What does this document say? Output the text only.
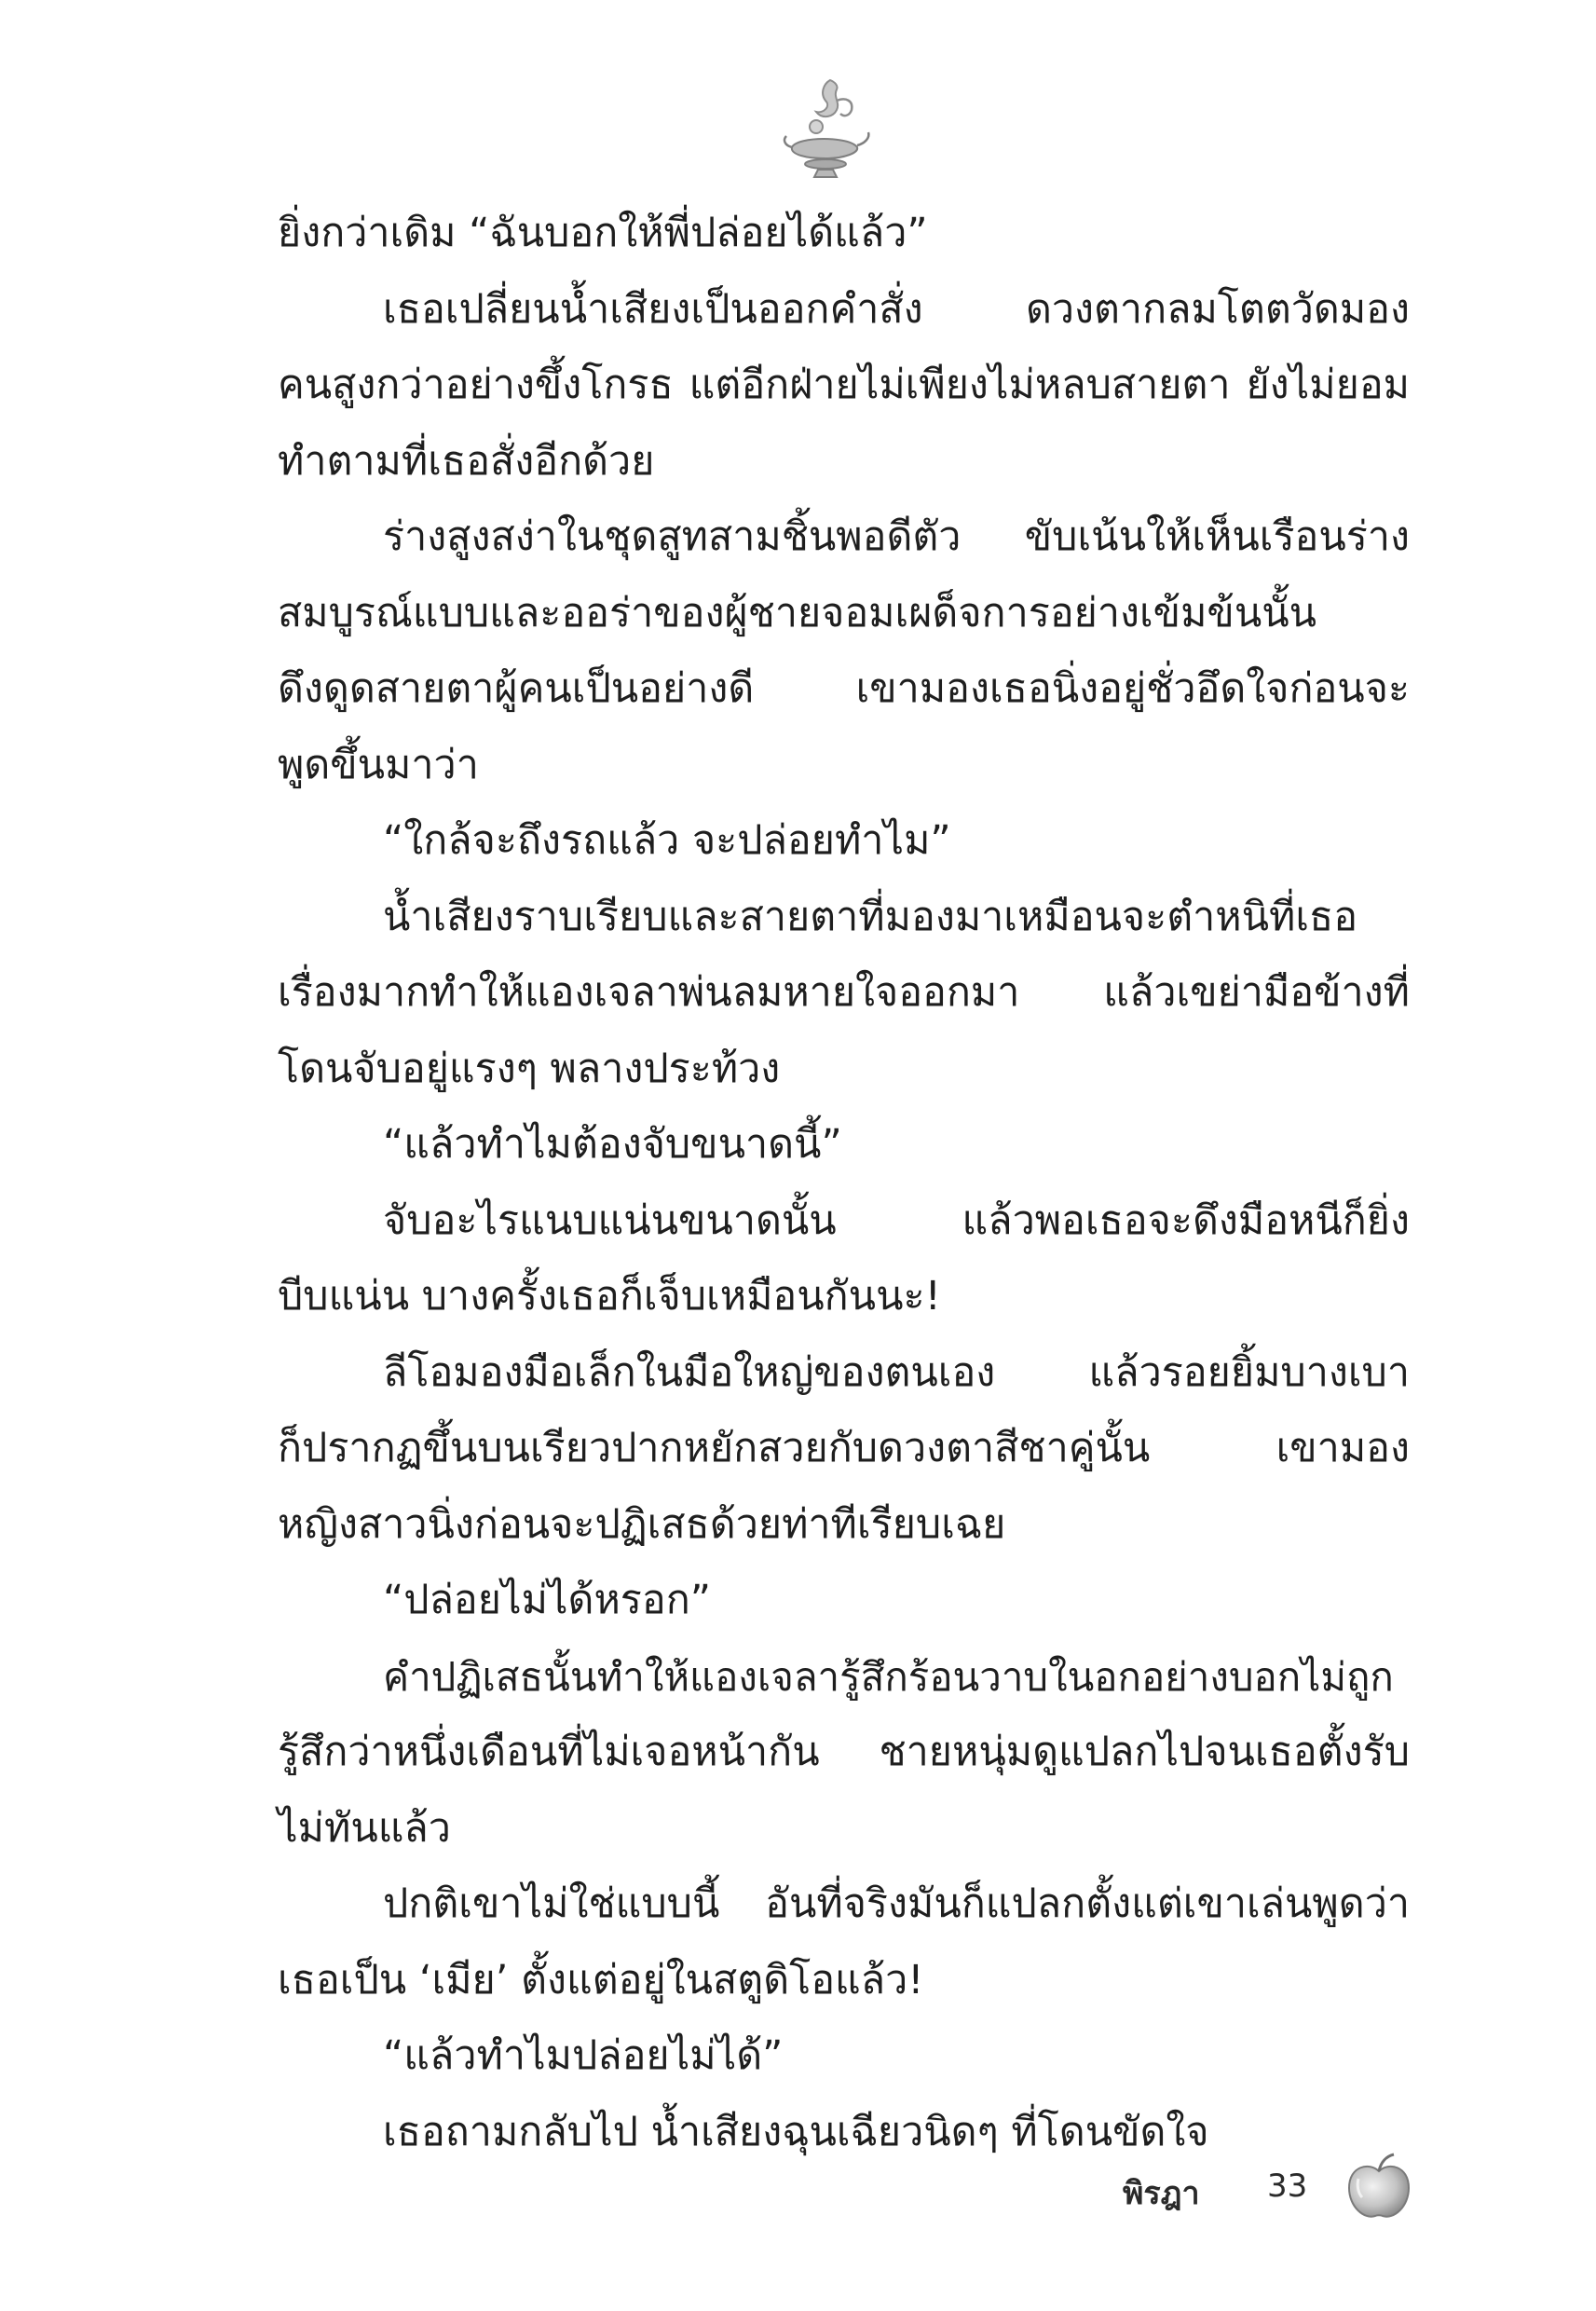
ยิ่งกว่าเดิม “ฉันบอกให้พี่ปล่อยได้แล้ว”
เธอเปลี่ยนน้ำเสียงเป็นออกคำสั่ง ดวงตากลมโตตวัดมอง
คนสูงกว่าอย่างขึ้งโกรธ แต่อีกฝ่ายไม่เพียงไม่หลบสายตา ยังไม่ยอม
ทำตามที่เธอสั่งอีกด้วย
ร่างสูงสง่าในชุดสูทสามชิ้นพอดีตัว ขับเน้นให้เห็นเรือนร่าง
สมบูรณ์แบบและออร่าของผู้ชายจอมเผด็จการอย่างเข้มข้นนั้น
ดึงดูดสายตาผู้คนเป็นอย่างดี เขามองเธอนิ่งอยู่ชั่วอึดใจก่อนจะ
พูดขึ้นมาว่า
“ใกล้จะถึงรถแล้ว จะปล่อยทำไม”
น้ำเสียงราบเรียบและสายตาที่มองมาเหมือนจะตำหนิที่เธอ
เรื่องมากทำให้แองเจลาพ่นลมหายใจออกมา แล้วเขย่ามือข้างที่
โดนจับอยู่แรงๆ พลางประท้วง
“แล้วทำไมต้องจับขนาดนี้”
จับอะไรแนบแน่นขนาดนั้น แล้วพอเธอจะดึงมือหนีก็ยิ่ง
บีบแน่น บางครั้งเธอก็เจ็บเหมือนกันนะ!
ลีโอมองมือเล็กในมือใหญ่ของตนเอง แล้วรอยยิ้มบางเบา
ก็ปรากฏขึ้นบนเรียวปากหยักสวยกับดวงตาสีชาคู่นั้น เขามอง
หญิงสาวนิ่งก่อนจะปฏิเสธด้วยท่าทีเรียบเฉย
“ปล่อยไม่ได้หรอก”
คำปฏิเสธนั้นทำให้แองเจลารู้สึกร้อนวาบในอกอย่างบอกไม่ถูก
รู้สึกว่าหนึ่งเดือนที่ไม่เจอหน้ากัน ชายหนุ่มดูแปลกไปจนเธอตั้งรับ
ไม่ทันแล้ว
ปกติเขาไม่ใช่แบบนี้ อันที่จริงมันก็แปลกตั้งแต่เขาเล่นพูดว่า
เธอเป็น ‘เมีย’ ตั้งแต่อยู่ในสตูดิโอแล้ว!
“แล้วทำไมปล่อยไม่ได้”
เธอถามกลับไป น้ำเสียงฉุนเฉียวนิดๆ ที่โดนขัดใจ
พิรฎา 33
